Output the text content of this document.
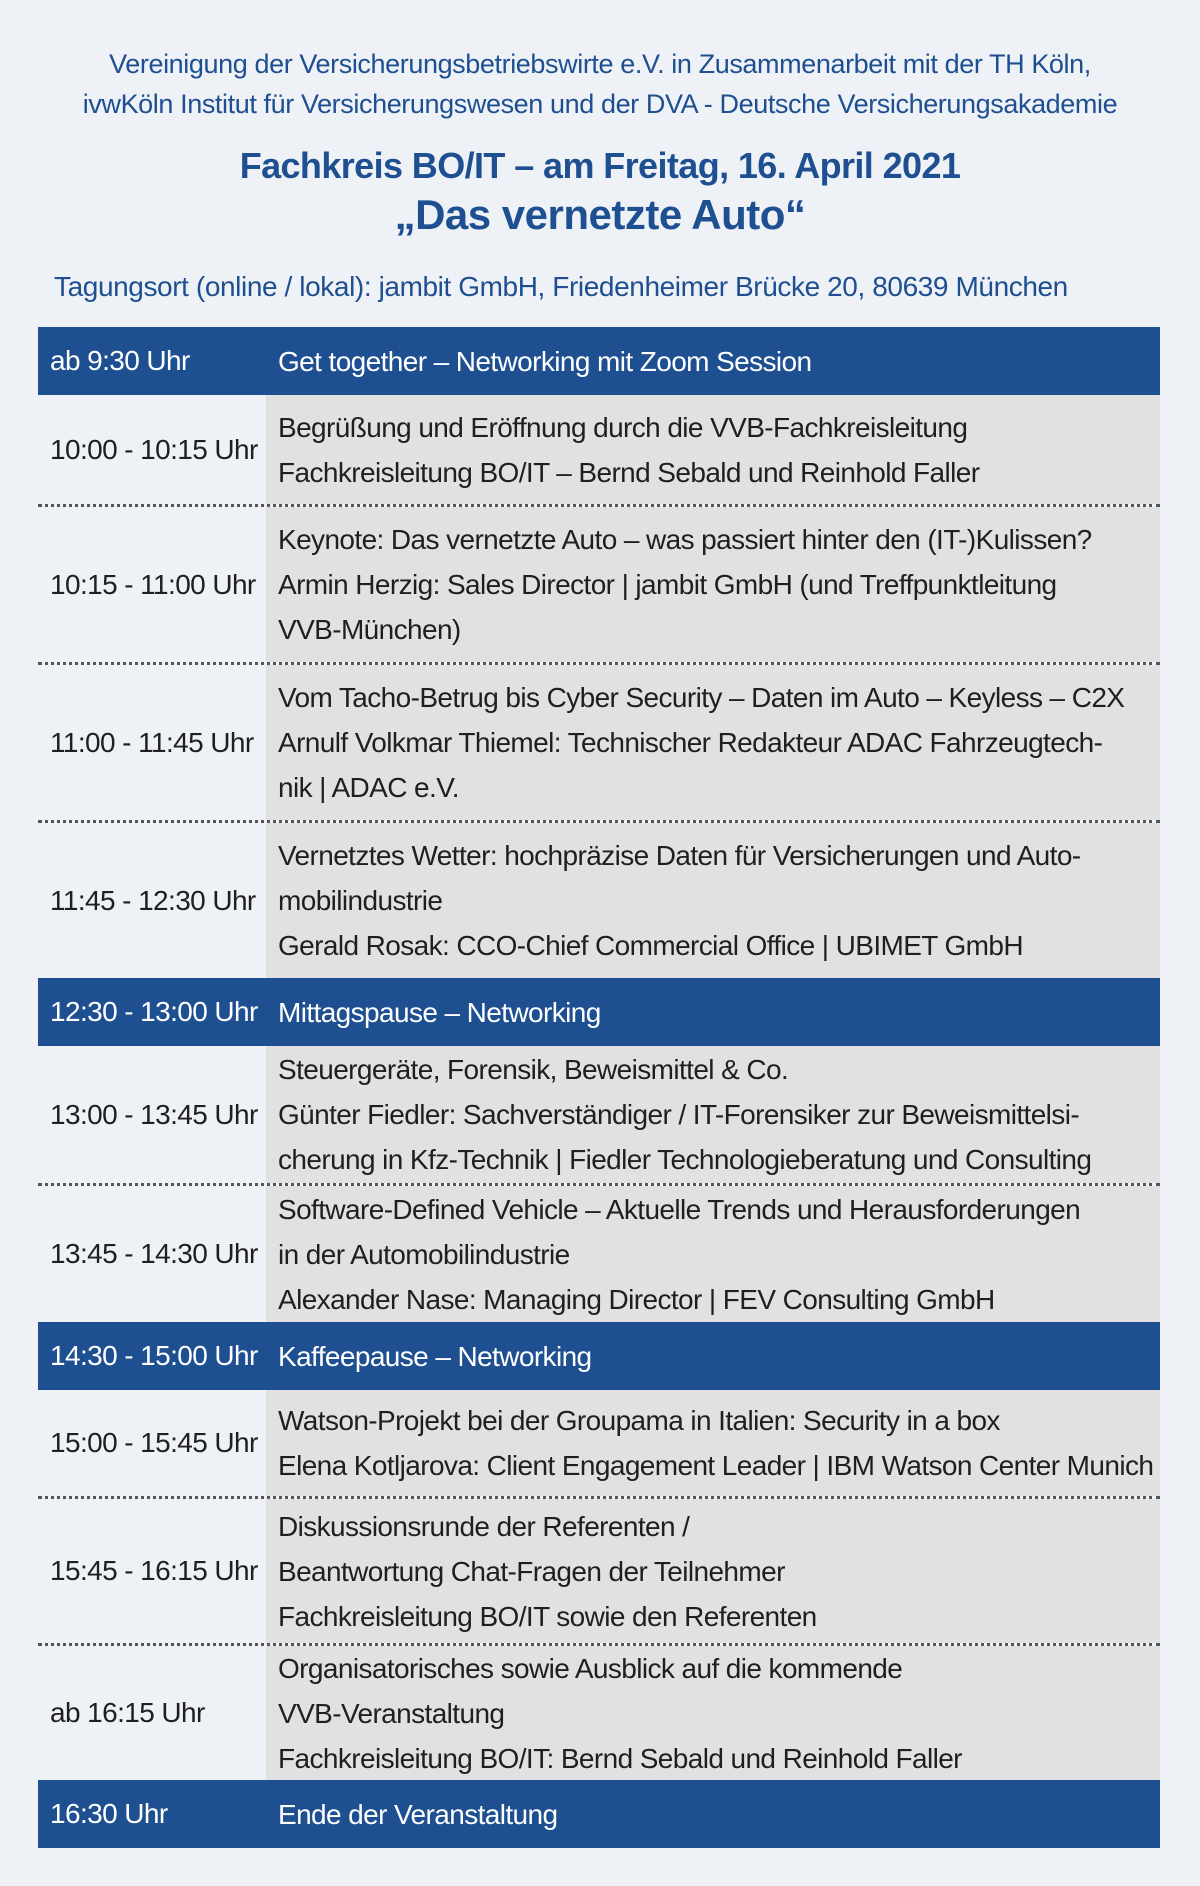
Vereinigung der Versicherungsbetriebswirte e.V. in Zusammenarbeit mit der TH Köln,
ivwKöln Institut für Versicherungswesen und der DVA - Deutsche Versicherungsakademie
Fachkreis BO/IT – am Freitag, 16. April 2021
„Das vernetzte Auto“
Tagungsort (online / lokal): jambit GmbH, Friedenheimer Brücke 20, 80639 München
ab 9:30 Uhr	Get together – Networking mit Zoom Session
10:00 - 10:15 Uhr
Begrüßung und Eröffnung durch die VVB-Fachkreisleitung
Fachkreisleitung BO/IT – Bernd Sebald und Reinhold Faller
10:15 - 11:00 Uhr
Keynote: Das vernetzte Auto – was passiert hinter den (IT-)Kulissen?
Armin Herzig: Sales Director | jambit GmbH (und Treffpunktleitung
VVB-München)
11:00 - 11:45 Uhr
Vom Tacho-Betrug bis Cyber Security – Daten im Auto – Keyless – C2X
Arnulf Volkmar Thiemel: Technischer Redakteur ADAC Fahrzeugtech-
nik | ADAC e.V.
11:45 - 12:30 Uhr
Vernetztes Wetter: hochpräzise Daten für Versicherungen und Auto-
mobilindustrie
Gerald Rosak: CCO-Chief Commercial Office | UBIMET GmbH
12:30 - 13:00 Uhr Mittagspause – Networking
13:00 - 13:45 Uhr
Steuergeräte, Forensik, Beweismittel & Co.
Günter Fiedler: Sachverständiger / IT-Forensiker zur Beweismittelsi-
cherung in Kfz-Technik | Fiedler Technologieberatung und Consulting
13:45 - 14:30 Uhr
Software-Defined Vehicle – Aktuelle Trends und Herausforderungen
in der Automobilindustrie
Alexander Nase: Managing Director | FEV Consulting GmbH
14:30 - 15:00 Uhr Kaffeepause – Networking
15:00 - 15:45 Uhr
Watson-Projekt bei der Groupama in Italien: Security in a box
Elena Kotljarova: Client Engagement Leader | IBM Watson Center Munich
15:45 - 16:15 Uhr
Diskussionsrunde der Referenten /
Beantwortung Chat-Fragen der Teilnehmer
Fachkreisleitung BO/IT sowie den Referenten
ab 16:15 Uhr
Organisatorisches sowie Ausblick auf die kommende
VVB-Veranstaltung
Fachkreisleitung BO/IT: Bernd Sebald und Reinhold Faller
16:30 Uhr	Ende der Veranstaltung
